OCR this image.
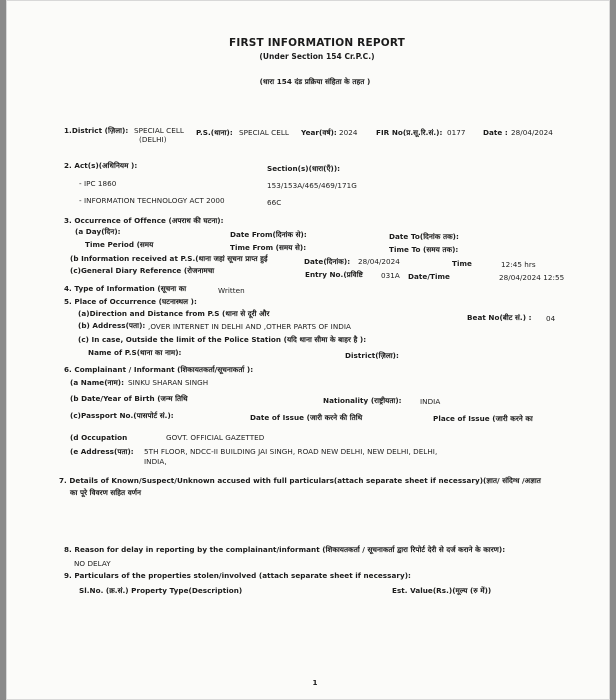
FIRST INFORMATION REPORT
(Under Section 154 Cr.P.C.)
(धारा 154 दंड प्रक्रिया संहिता के तहत )
1.District (ज़िला): SPECIAL CELL
(DELHI)
P.S.(थाना): SPECIAL CELL Year(वर्ष): 2024	FIR No(प्र.सू.रि.सं.): 0177 Date : 28/04/2024
2. Act(s)(अधिनियम ):	Section(s)(धारा(एँ)):
- IPC 1860	153/153A/465/469/171G
- INFORMATION TECHNOLOGY ACT 2000	66C
3. Occurrence of Offence (अपराध की घटना):
(a Day(दिन):	Date From(दिनांक से):	Date To(दिनांक तक):
Time Period (समय	Time From (समय से):	Time To (समय तक):
(b Information received at P.S.(थाना जहां सूचना प्राप्त हुई	Date(दिनांक): 28/04/2024	Time	12:45 hrs
(c)General Diary Reference (रोजनामचा	Entry No.(प्रविष्टि	031A Date/Time	28/04/2024 12:55
4. Type of Information (सूचना का	Written
5. Place of Occurrence (घटनास्थल ):
(a)Direction and Distance from P.S (थाना से दूरी और	Beat No(बीट सं.) : 04
(b) Address(पता): ,OVER INTERNET IN DELHI AND ,OTHER PARTS OF INDIA
(c) In case, Outside the limit of the Police Station (यदि थाना सीमा के बाहर है ):
Name of P.S(थाना का नाम):	District(ज़िला):
6. Complainant / Informant (शिकायतकर्ता/सूचनाकर्ता ):
(a Name(नाम): SINKU SHARAN SINGH
(b Date/Year of Birth (जन्म तिथि	Nationality (राष्ट्रीयता):	INDIA
(c)Passport No.(पासपोर्ट सं.):	Date of Issue (जारी करने की तिथि	Place of Issue (जारी करने का
(d Occupation	GOVT. OFFICIAL GAZETTED
(e Address(पता): 5TH FLOOR, NDCC-II BUILDING JAI SINGH, ROAD NEW DELHI, NEW DELHI, DELHI,
INDIA,
7. Details of Known/Suspect/Unknown accused with full particulars(attach separate sheet if necessary)(ज्ञात/ संदिग्ध /अज्ञात
का पूरे विवरण सहित वर्णन
8. Reason for delay in reporting by the complainant/informant (शिकायतकर्ता / सूचनाकर्ता द्वारा रिपोर्ट देरी से दर्ज कराने के कारण):
NO DELAY
9. Particulars of the properties stolen/involved (attach separate sheet if necessary):
Sl.No. (क्र.सं.) Property Type(Description)	Est. Value(Rs.)(मूल्य (रु में))
1
